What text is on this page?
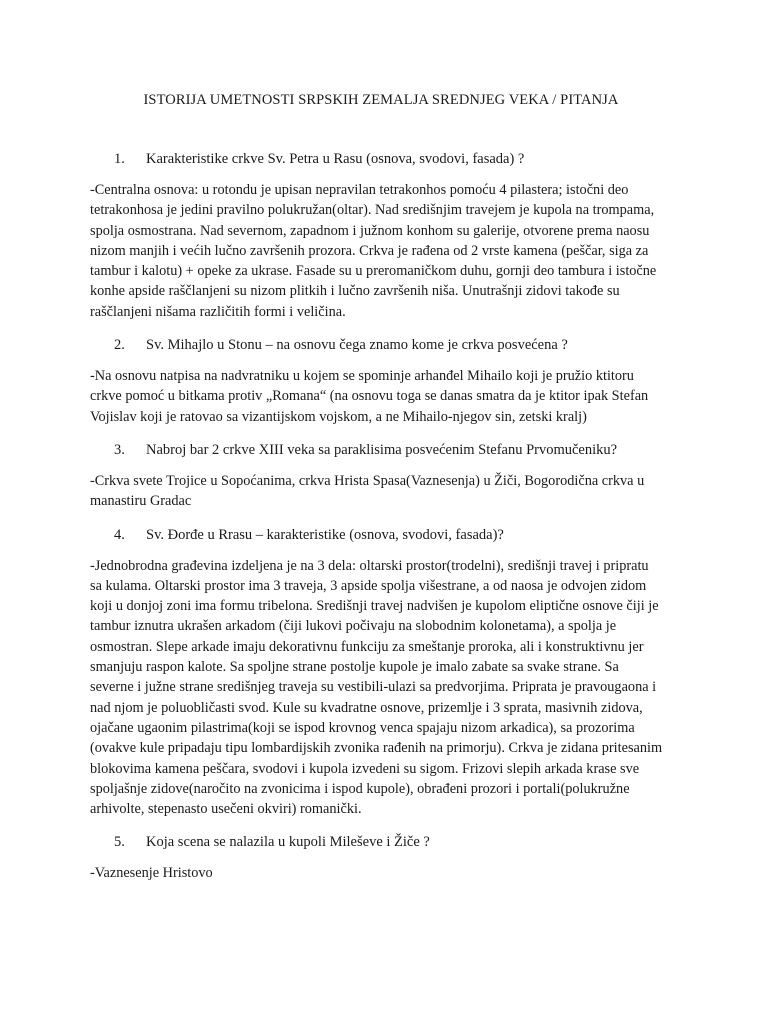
ISTORIJA UMETNOSTI SRPSKIH ZEMALJA SREDNJEG VEKA / PITANJA
1.	Karakteristike crkve Sv. Petra u Rasu (osnova, svodovi, fasada) ?
-Centralna osnova: u rotondu je upisan nepravilan tetrakonhos pomoću 4 pilastera; istočni deo tetrakonhosa je jedini pravilno polukružan(oltar). Nad središnjim travejem je kupola na trompama, spolja osmostrana. Nad severnom, zapadnom i južnom konhom su galerije, otvorene prema naosu nizom manjih i većih lučno završenih prozora. Crkva je rađena od 2 vrste kamena (peščar, siga za tambur i kalotu) + opeke za ukrase. Fasade su u preromaničkom duhu, gornji deo tambura i istočne konhe apside raščlanjeni su nizom plitkih i lučno završenih niša. Unutrašnji zidovi takođe su raščlanjeni nišama različitih formi i veličina.
2.	Sv. Mihajlo u Stonu – na osnovu čega znamo kome je crkva posvećena ?
-Na osnovu natpisa na nadvratniku u kojem se spominje arhanđel Mihailo koji je pružio ktitoru crkve pomoć u bitkama protiv „Romana“ (na osnovu toga se danas smatra da je ktitor ipak Stefan Vojislav koji je ratovao sa vizantijskom vojskom, a ne Mihailo-njegov sin, zetski kralj)
3.	Nabroj bar 2 crkve XIII veka sa paraklisima posvećenim Stefanu Prvomučeniku?
-Crkva svete Trojice u Sopoćanima, crkva Hrista Spasa(Vaznesenja) u Žiči, Bogorodična crkva u manastiru Gradac
4.	Sv. Đorđe u Rrasu – karakteristike (osnova, svodovi, fasada)?
-Jednobrodna građevina izdeljena je na 3 dela: oltarski prostor(trodelni), središnji travej i pripratu sa kulama. Oltarski prostor ima 3 traveja, 3 apside spolja višestrane, a od naosa je odvojen zidom koji u donjoj zoni ima formu tribelona. Središnji travej nadvišen je kupolom eliptične osnove čiji je tambur iznutra ukrašen arkadom (čiji lukovi počivaju na slobodnim kolonetama), a spolja je osmostran. Slepe arkade imaju dekorativnu funkciju za smeštanje proroka, ali i konstruktivnu jer smanjuju raspon kalote. Sa spoljne strane postolje kupole je imalo zabate sa svake strane. Sa severne i južne strane središnjeg traveja su vestibili-ulazi sa predvorjima. Priprata je pravougaona i nad njom je poluobličasti svod. Kule su kvadratne osnove, prizemlje i 3 sprata, masivnih zidova, ojačane ugaonim pilastrima(koji se ispod krovnog venca spajaju nizom arkadica), sa prozorima (ovakve kule pripadaju tipu lombardijskih zvonika rađenih na primorju). Crkva je zidana pritesanim blokovima kamena peščara, svodovi i kupola izvedeni su sigom. Frizovi slepih arkada krase sve spoljašnje zidove(naročito na zvonicima i ispod kupole), obrađeni prozori i portali(polukružne arhivolte, stepenasto usečeni okviri) romanički.
5.	Koja scena se nalazila u kupoli Mileševe i Žiče ?
-Vaznesenje Hristovo
